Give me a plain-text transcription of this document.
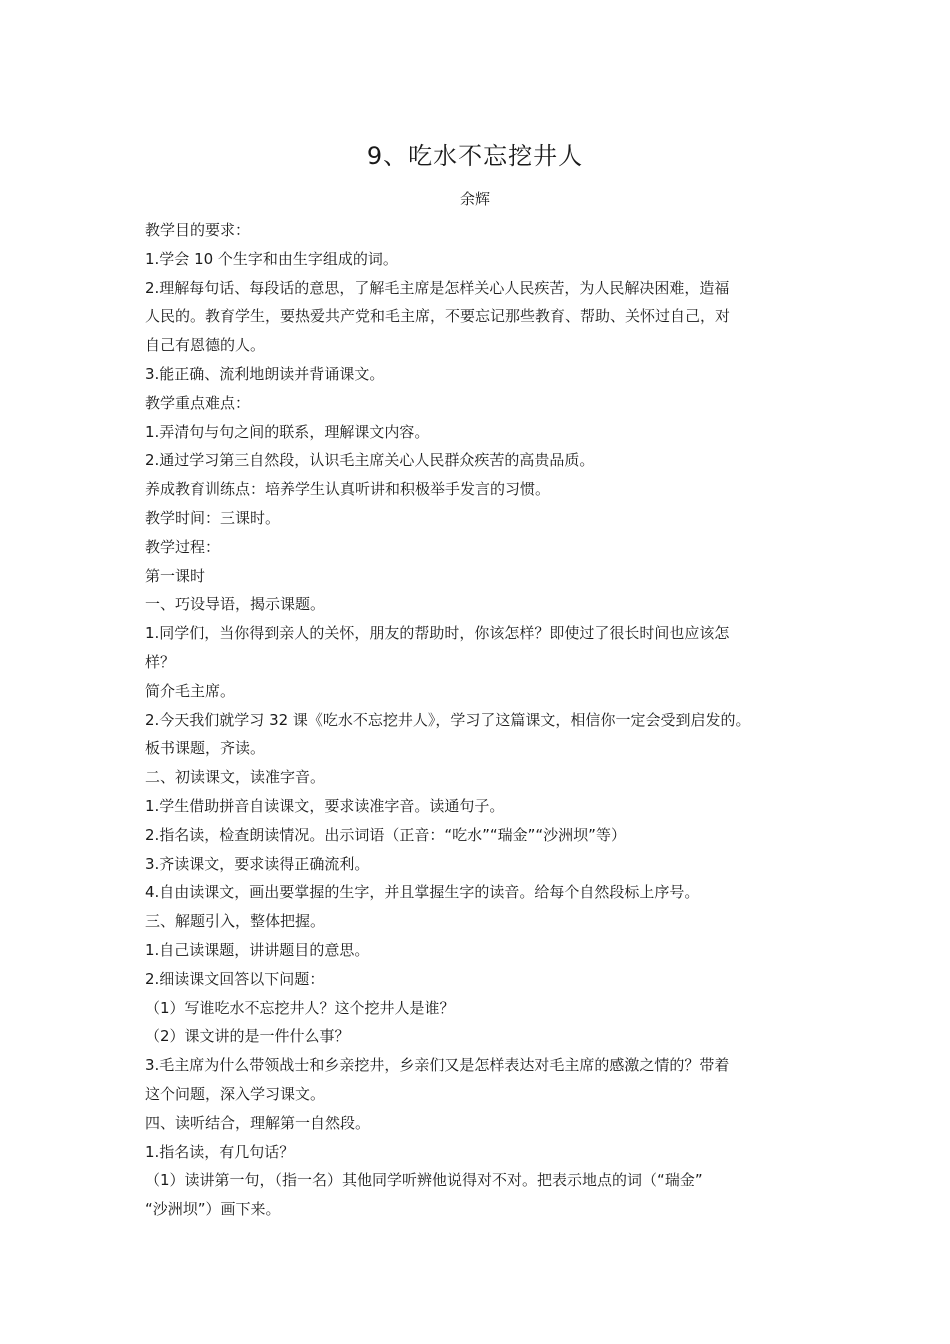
9、吃水不忘挖井人
余辉
教学目的要求：
1.学会 10 个生字和由生字组成的词。
2.理解每句话、每段话的意思，了解毛主席是怎样关心人民疾苦，为人民解决困难，造福
人民的。教育学生，要热爱共产党和毛主席，不要忘记那些教育、帮助、关怀过自己，对
自己有恩德的人。
3.能正确、流利地朗读并背诵课文。
教学重点难点：
1.弄清句与句之间的联系，理解课文内容。
2.通过学习第三自然段，认识毛主席关心人民群众疾苦的高贵品质。
养成教育训练点：培养学生认真听讲和积极举手发言的习惯。
教学时间：三课时。
教学过程：
第一课时
一、巧设导语，揭示课题。
1.同学们，当你得到亲人的关怀，朋友的帮助时，你该怎样？即使过了很长时间也应该怎
样？
简介毛主席。
2.今天我们就学习 32 课《吃水不忘挖井人》，学习了这篇课文，相信你一定会受到启发的。
板书课题，齐读。
二、初读课文，读准字音。
1.学生借助拼音自读课文，要求读准字音。读通句子。
2.指名读，检查朗读情况。出示词语（正音：“吃水”“瑞金”“沙洲坝”等）
3.齐读课文，要求读得正确流利。
4.自由读课文，画出要掌握的生字，并且掌握生字的读音。给每个自然段标上序号。
三、解题引入，整体把握。
1.自己读课题，讲讲题目的意思。
2.细读课文回答以下问题：
（1）写谁吃水不忘挖井人？这个挖井人是谁？
（2）课文讲的是一件什么事？
3.毛主席为什么带领战士和乡亲挖井，乡亲们又是怎样表达对毛主席的感激之情的？带着
这个问题，深入学习课文。
四、读听结合，理解第一自然段。
1.指名读，有几句话？
（1）读讲第一句，（指一名）其他同学听辨他说得对不对。把表示地点的词（“瑞金”
“沙洲坝”）画下来。
